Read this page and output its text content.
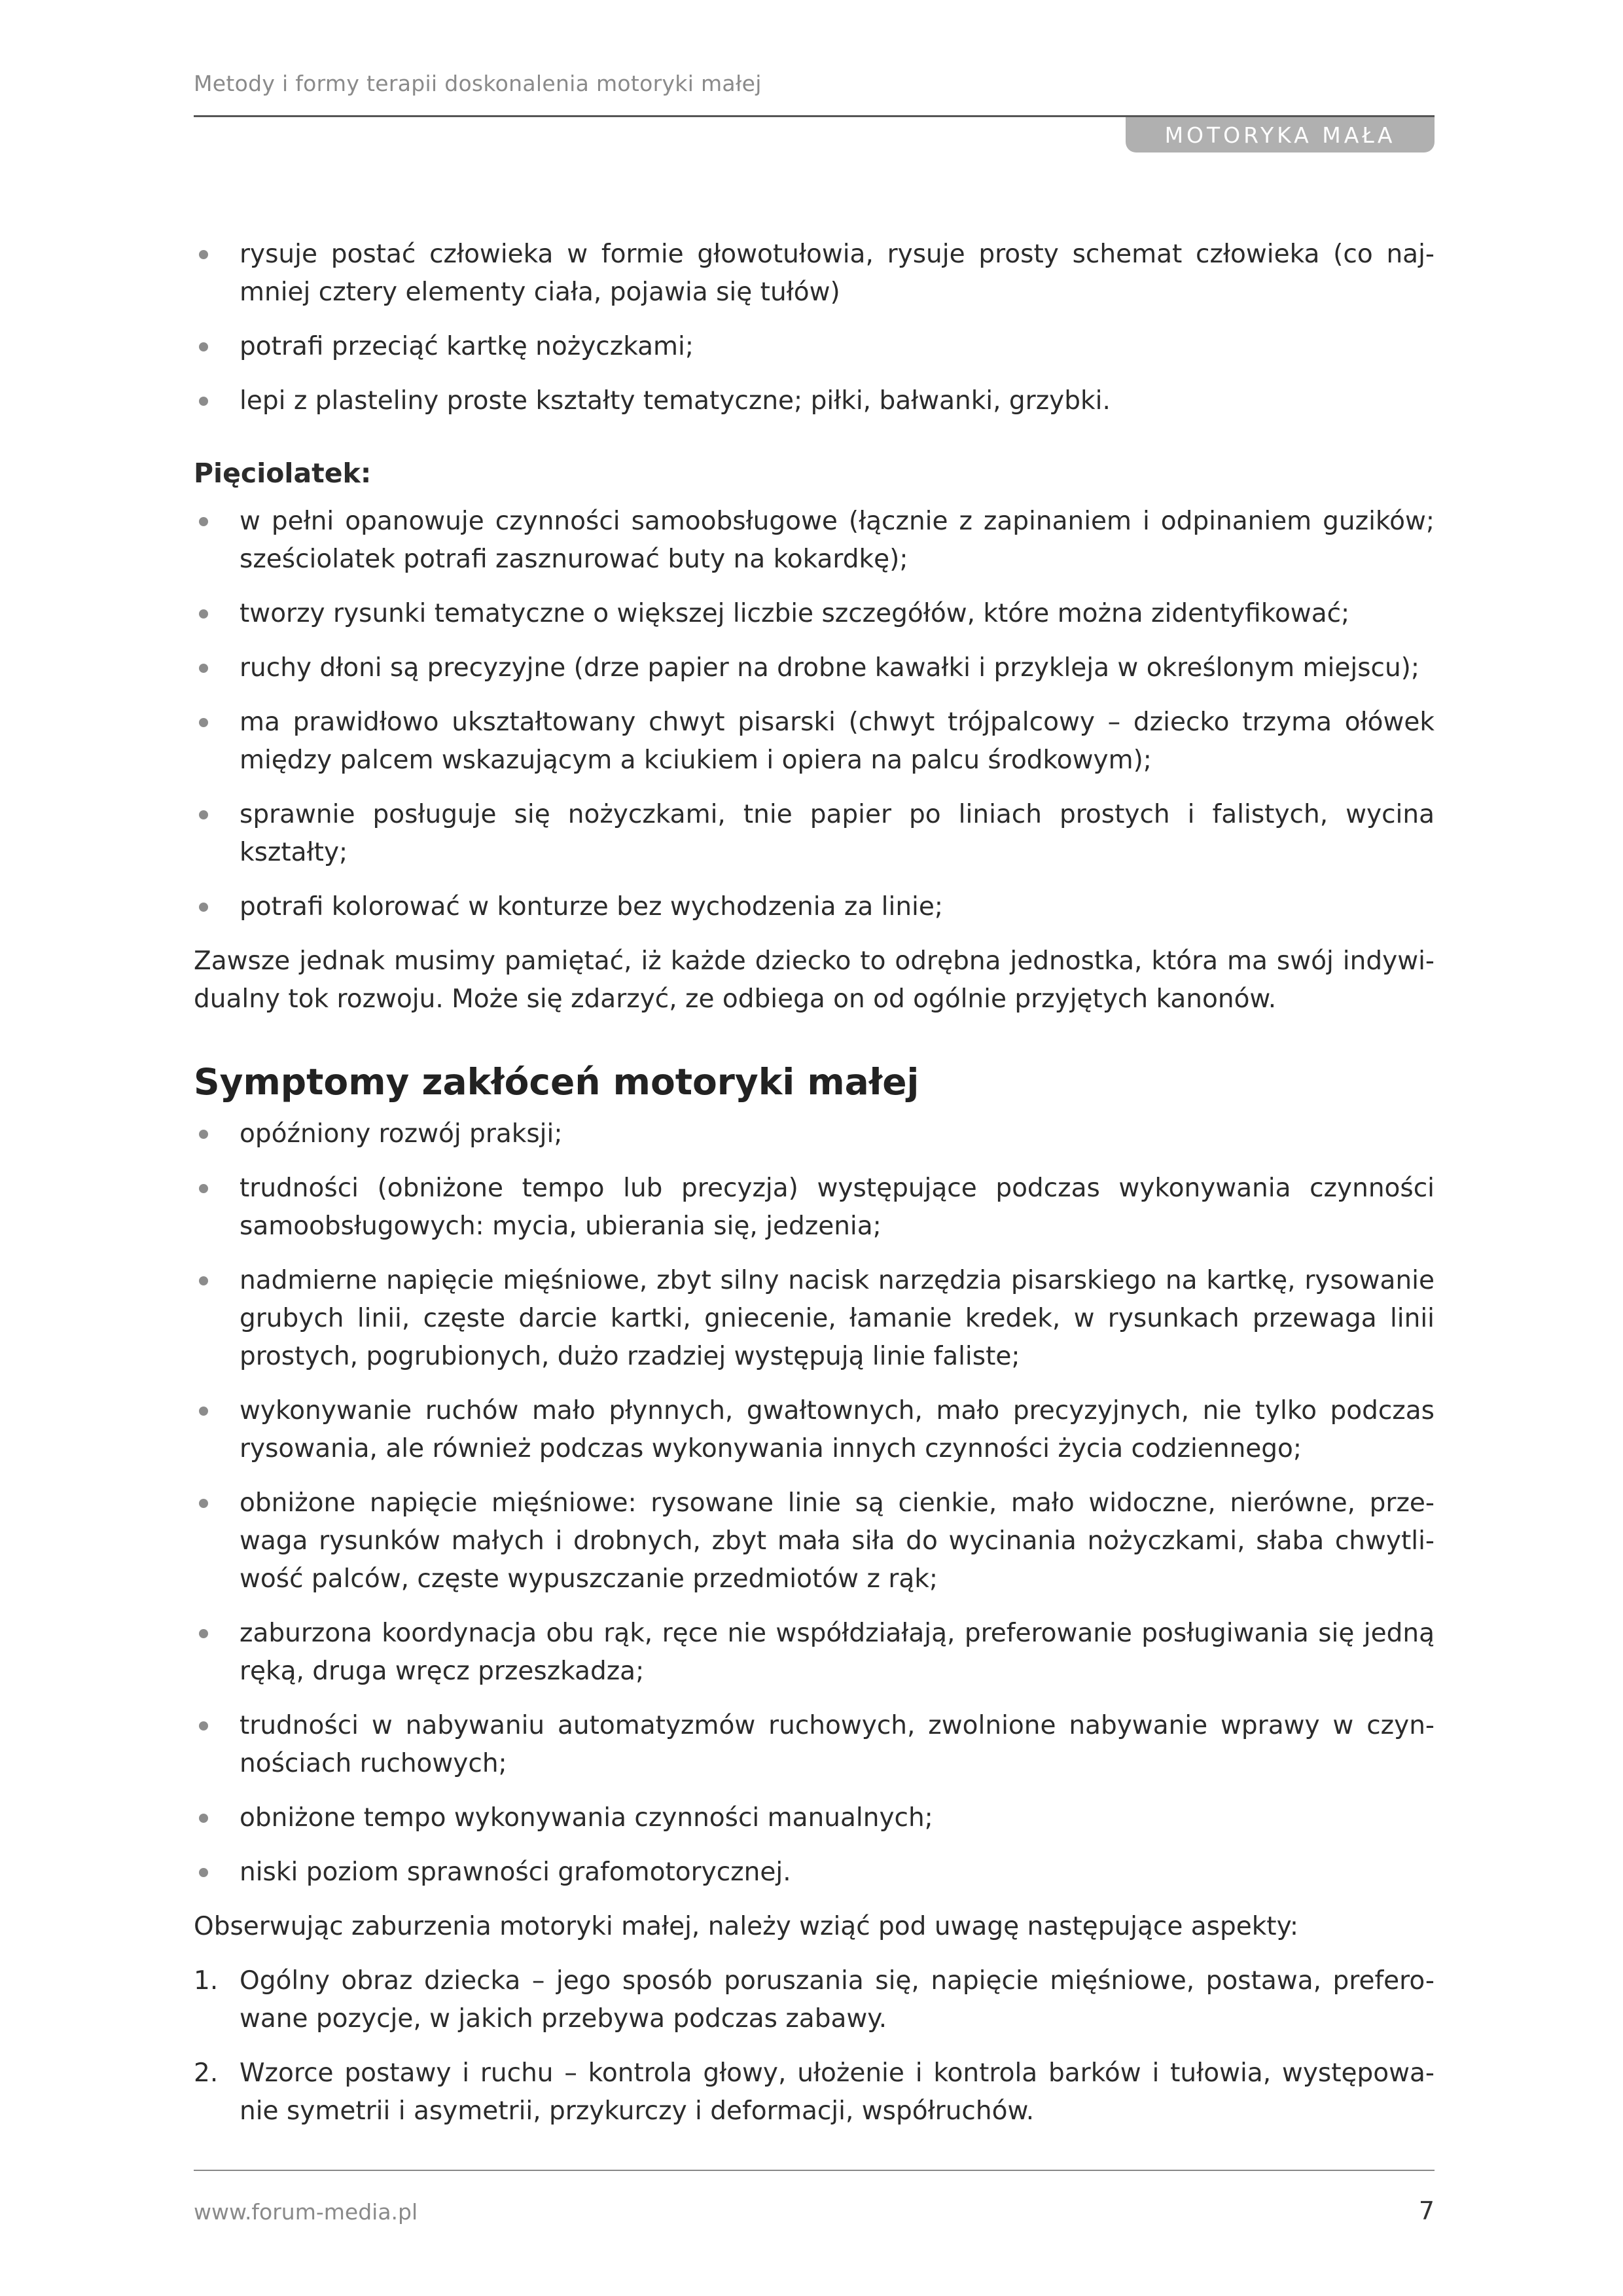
Metody i formy terapii doskonalenia motoryki małej
MOTORYKA MAŁA
rysuje postać człowieka w formie głowotułowia, rysuje prosty schemat człowieka (co naj- mniej cztery elementy ciała, pojawia się tułów)
potrafi przeciąć kartkę nożyczkami;
lepi z plasteliny proste kształty tematyczne; piłki, bałwanki, grzybki.
Pięciolatek:
w pełni opanowuje czynności samoobsługowe (łącznie z zapinaniem i odpinaniem guzików; sześciolatek potrafi zasznurować buty na kokardkę);
tworzy rysunki tematyczne o większej liczbie szczegółów, które można zidentyfikować;
ruchy dłoni są precyzyjne (drze papier na drobne kawałki i przykleja w określonym miejscu);
ma prawidłowo ukształtowany chwyt pisarski (chwyt trójpalcowy – dziecko trzyma ołówek między palcem wskazującym a kciukiem i opiera na palcu środkowym);
sprawnie posługuje się nożyczkami, tnie papier po liniach prostych i falistych, wycina kształty;
potrafi kolorować w konturze bez wychodzenia za linie;

Zawsze jednak musimy pamiętać, iż każde dziecko to odrębna jednostka, która ma swój indywi- dualny tok rozwoju. Może się zdarzyć, ze odbiega on od ogólnie przyjętych kanonów.

Symptomy zakłóceń motoryki małej
opóźniony rozwój praksji;
trudności (obniżone tempo lub precyzja) występujące podczas wykonywania czynności samoobsługowych: mycia, ubierania się, jedzenia;
nadmierne napięcie mięśniowe, zbyt silny nacisk narzędzia pisarskiego na kartkę, rysowanie grubych linii, częste darcie kartki, gniecenie, łamanie kredek, w rysunkach przewaga linii prostych, pogrubionych, dużo rzadziej występują linie faliste;
wykonywanie ruchów mało płynnych, gwałtownych, mało precyzyjnych, nie tylko podczas rysowania, ale również podczas wykonywania innych czynności życia codziennego;
obniżone napięcie mięśniowe: rysowane linie są cienkie, mało widoczne, nierówne, prze- waga rysunków małych i drobnych, zbyt mała siła do wycinania nożyczkami, słaba chwytli- wość palców, częste wypuszczanie przedmiotów z rąk;
zaburzona koordynacja obu rąk, ręce nie współdziałają, preferowanie posługiwania się jedną ręką, druga wręcz przeszkadza;
trudności w nabywaniu automatyzmów ruchowych, zwolnione nabywanie wprawy w czyn- nościach ruchowych;
obniżone tempo wykonywania czynności manualnych;
niski poziom sprawności grafomotorycznej.

Obserwując zaburzenia motoryki małej, należy wziąć pod uwagę następujące aspekty:

1. Ogólny obraz dziecka – jego sposób poruszania się, napięcie mięśniowe, postawa, prefero- wane pozycje, w jakich przebywa podczas zabawy.
2. Wzorce postawy i ruchu – kontrola głowy, ułożenie i kontrola barków i tułowia, występowa- nie symetrii i asymetrii, przykurczy i deformacji, współruchów.
www.forum-media.pl	7
